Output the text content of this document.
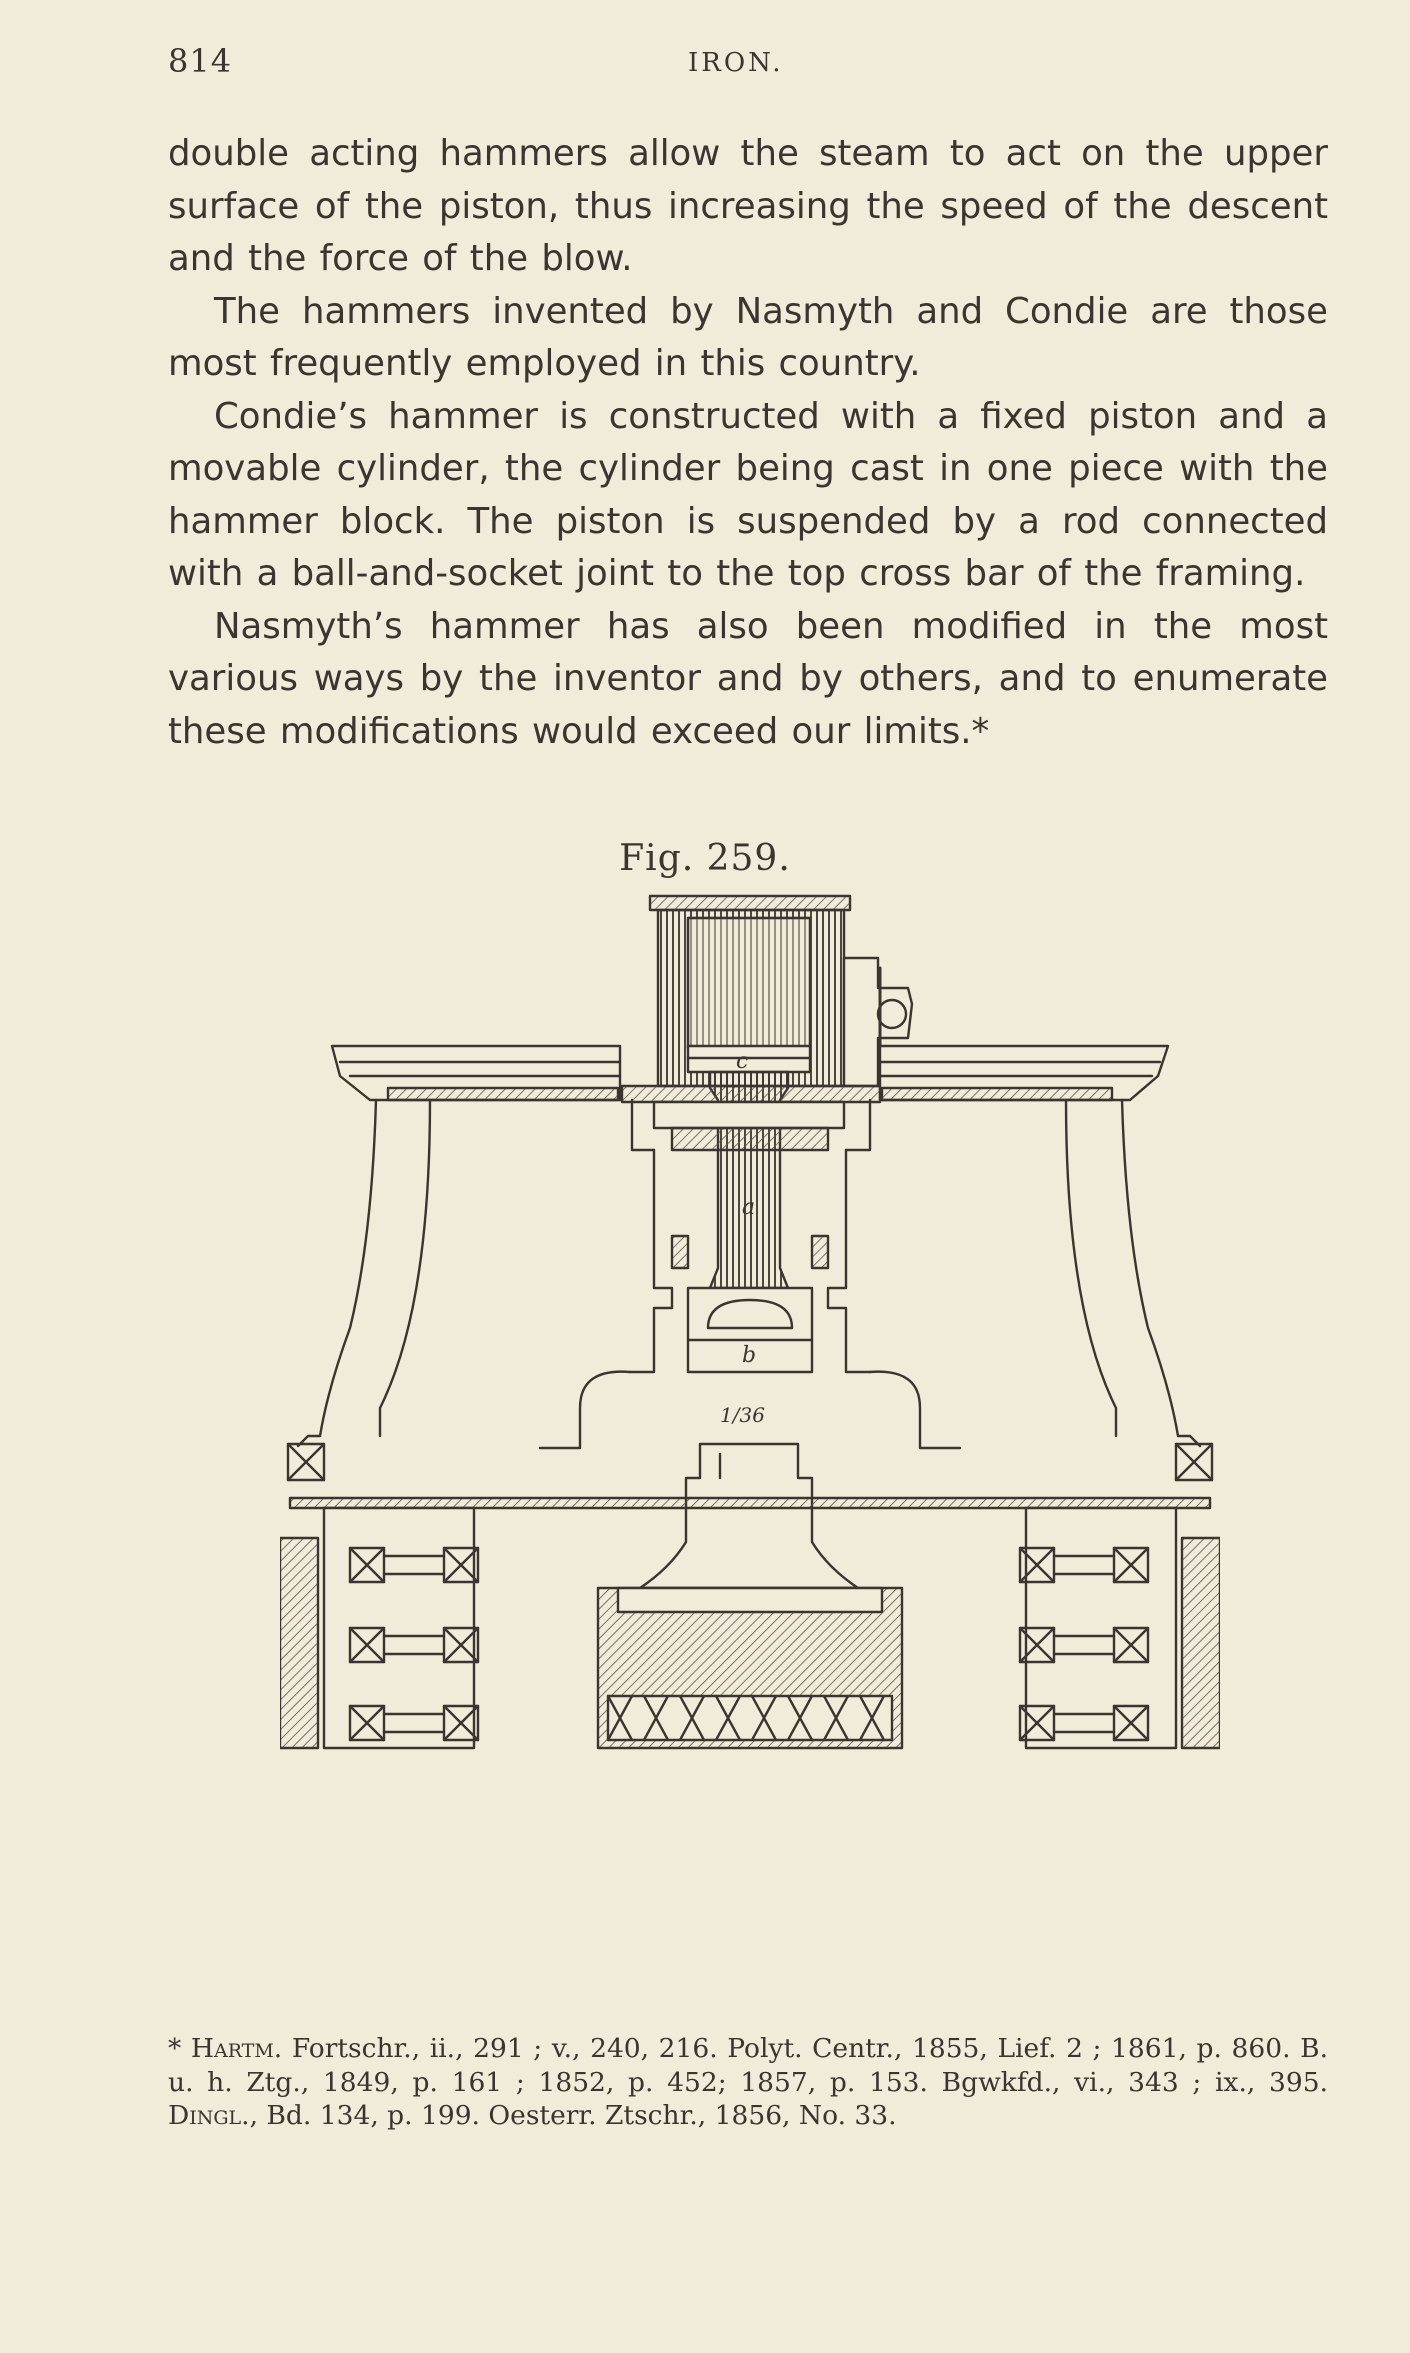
814	IRON.

double acting hammers allow the steam to act on the upper surface of the piston, thus increasing the speed of the descent and the force of the blow.

The hammers invented by Nasmyth and Condie are those most frequently employed in this country.

Condie’s hammer is constructed with a fixed piston and a movable cylinder, the cylinder being cast in one piece with the hammer block. The piston is suspended by a rod connected with a ball-and-socket joint to the top cross bar of the framing.

Nasmyth’s hammer has also been modified in the most various ways by the inventor and by others, and to enumerate these modifications would exceed our limits.*

Fig. 259.
c
a
b
1/36
* Hartm. Fortschr., ii., 291 ; v., 240, 216. Polyt. Centr., 1855, Lief. 2 ; 1861, p. 860. B. u. h. Ztg., 1849, p. 161 ; 1852, p. 452; 1857, p. 153. Bgwkfd., vi., 343 ; ix., 395. Dingl., Bd. 134, p. 199. Oesterr. Ztschr., 1856, No. 33.
